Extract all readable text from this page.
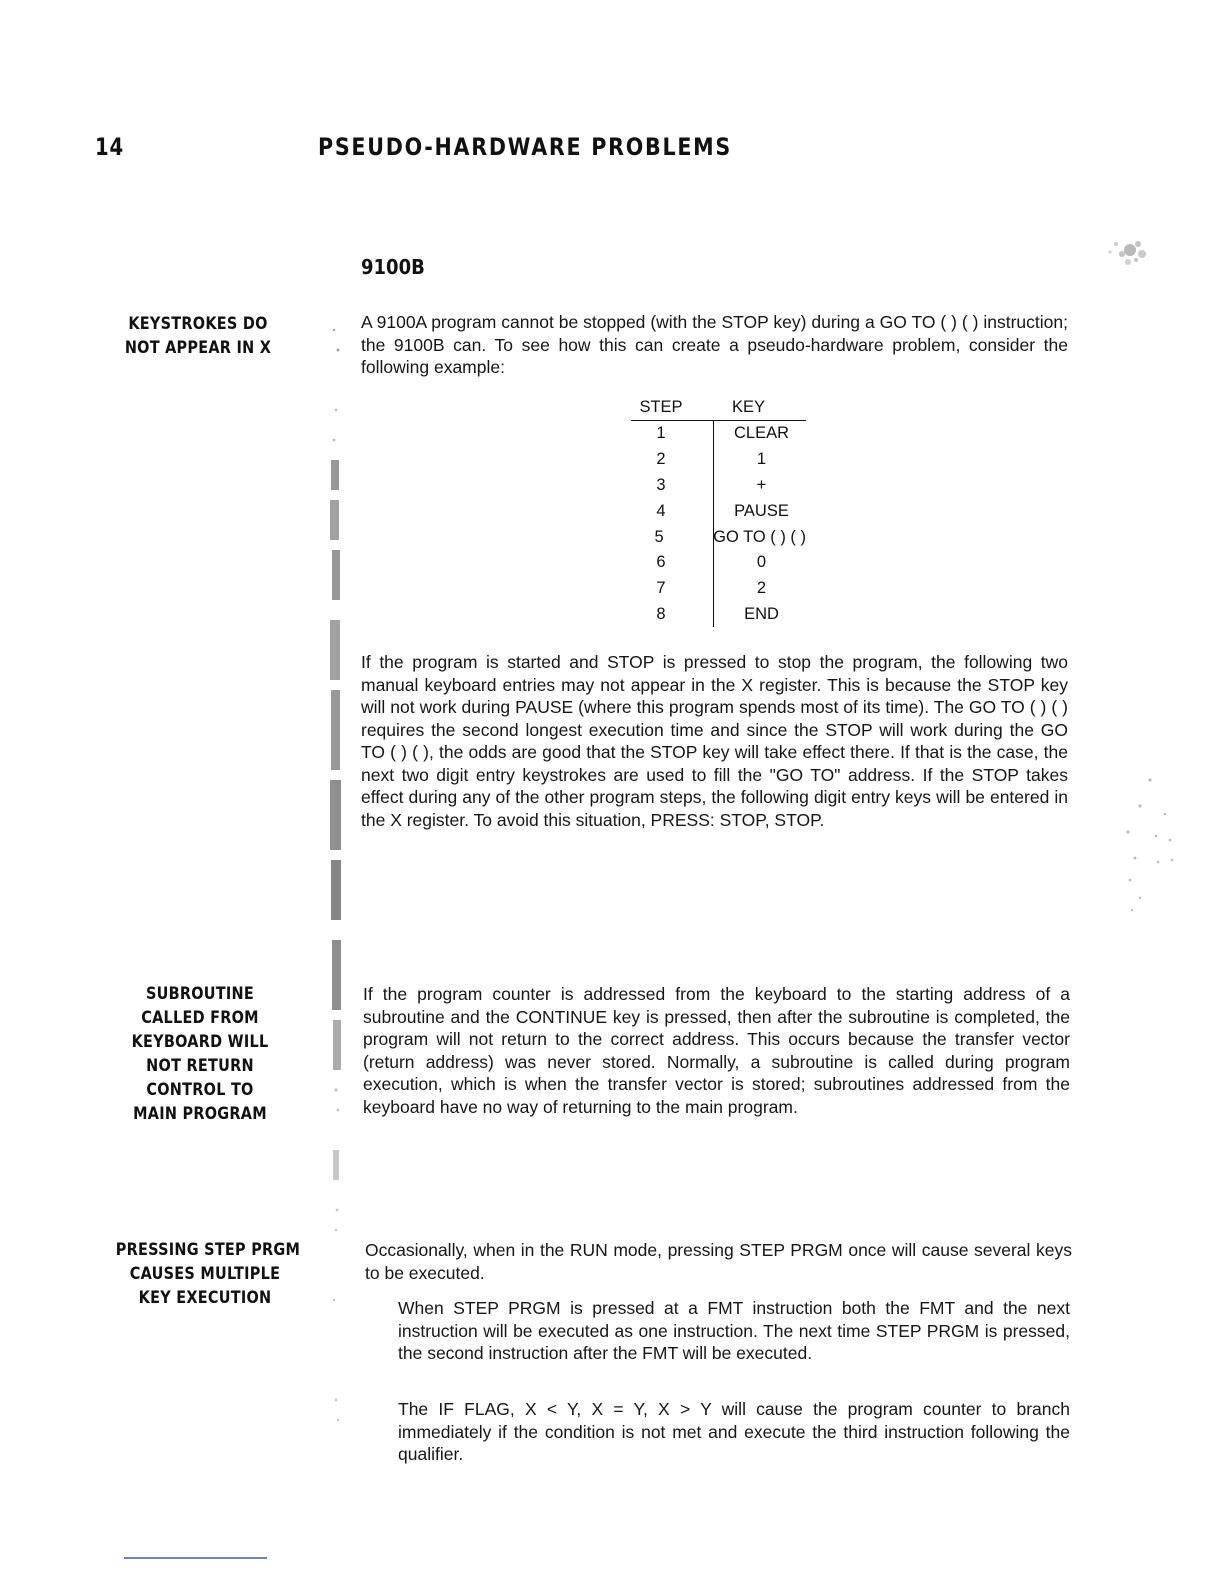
14	PSEUDO-HARDWARE PROBLEMS
9100B
KEYSTROKES DO
NOT APPEAR IN X
A 9100A program cannot be stopped (with the STOP key) during a GO TO ( ) ( ) instruction; the 9100B can. To see how this can create a pseudo-hardware problem, consider the following example:
STEP	KEY
1	CLEAR
2	1
3	+
4	PAUSE
5	GO TO ( ) ( )
6	0
7	2
8	END
If the program is started and STOP is pressed to stop the program, the following two manual keyboard entries may not appear in the X register. This is because the STOP key will not work during PAUSE (where this program spends most of its time). The GO TO ( ) ( ) requires the second longest execution time and since the STOP will work during the GO TO ( ) ( ), the odds are good that the STOP key will take effect there. If that is the case, the next two digit entry keystrokes are used to fill the "GO TO" address. If the STOP takes effect during any of the other program steps, the following digit entry keys will be entered in the X register. To avoid this situation, PRESS: STOP, STOP.
SUBROUTINE
CALLED FROM
KEYBOARD WILL
NOT RETURN
CONTROL TO
MAIN PROGRAM
If the program counter is addressed from the keyboard to the starting address of a subroutine and the CONTINUE key is pressed, then after the subroutine is completed, the program will not return to the correct address. This occurs because the transfer vector (return address) was never stored. Normally, a subroutine is called during program execution, which is when the transfer vector is stored; subroutines addressed from the keyboard have no way of returning to the main program.
PRESSING STEP PRGM
CAUSES MULTIPLE
KEY EXECUTION
Occasionally, when in the RUN mode, pressing STEP PRGM once will cause several keys to be executed.
When STEP PRGM is pressed at a FMT instruction both the FMT and the next instruction will be executed as one instruction. The next time STEP PRGM is pressed, the second instruction after the FMT will be executed.
The IF FLAG, X < Y, X = Y, X > Y will cause the program counter to branch immediately if the condition is not met and execute the third instruction following the qualifier.
